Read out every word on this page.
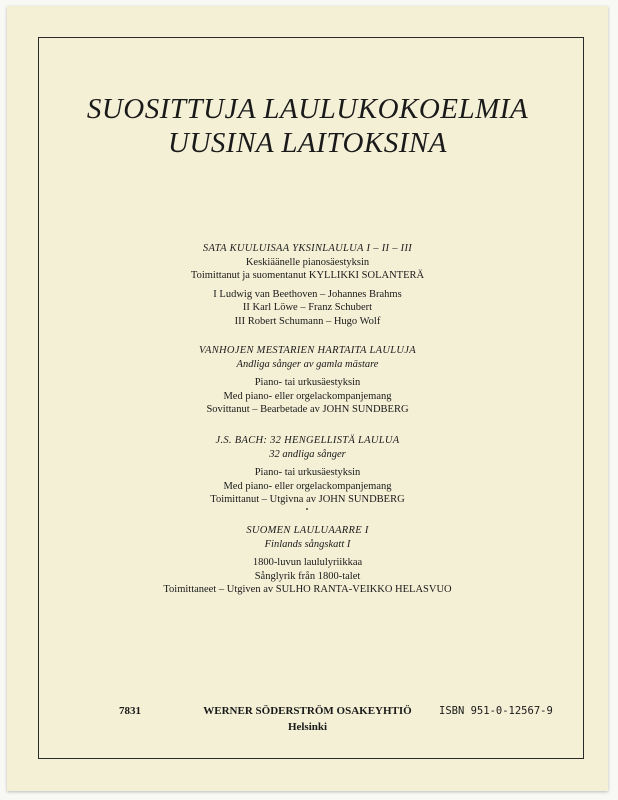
SUOSITTUJA LAULUKOKOELMIA
UUSINA LAITOKSINA
SATA KUULUISAA YKSINLAULUA I – II – III
Keskiäänelle pianosäestyksin
Toimittanut ja suomentanut KYLLIKKI SOLANTERÄ
I Ludwig van Beethoven – Johannes Brahms
II Karl Löwe – Franz Schubert
III Robert Schumann – Hugo Wolf
VANHOJEN MESTARIEN HARTAITA LAULUJA
Andliga sånger av gamla mästare
Piano- tai urkusäestyksin
Med piano- eller orgelackompanjemang
Sovittanut – Bearbetade av JOHN SUNDBERG
J.S. BACH: 32 HENGELLISTÄ LAULUA
32 andliga sånger
Piano- tai urkusäestyksin
Med piano- eller orgelackompanjemang
Toimittanut – Utgivna av JOHN SUNDBERG
SUOMEN LAULUAARRE I
Finlands sångskatt I
1800-luvun laululyriikkaa
Sånglyrik från 1800-talet
Toimittaneet – Utgiven av SULHO RANTA-VEIKKO HELASVUO
7831	WERNER SÖDERSTRÖM OSAKEYHTIÖ
Helsinki
ISBN 951-0-12567-9
